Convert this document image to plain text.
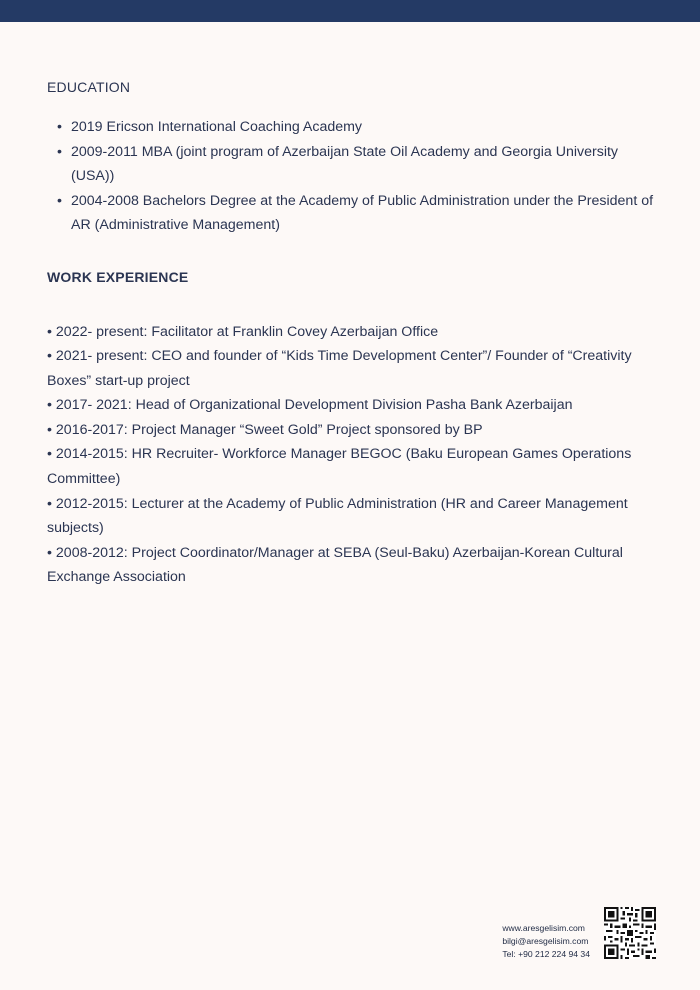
EDUCATION
• 2019 Ericson International Coaching Academy
• 2009-2011 MBA (joint program of Azerbaijan State Oil Academy and Georgia University (USA))
• 2004-2008 Bachelors Degree at the Academy of Public Administration under the President of AR (Administrative Management)
WORK EXPERIENCE
• 2022- present: Facilitator at Franklin Covey Azerbaijan Office
• 2021- present: CEO and founder of “Kids Time Development Center”/ Founder of “Creativity Boxes” start-up project
• 2017- 2021: Head of Organizational Development Division Pasha Bank Azerbaijan
• 2016-2017: Project Manager “Sweet Gold” Project sponsored by BP
• 2014-2015: HR Recruiter- Workforce Manager BEGOC (Baku European Games Operations Committee)
• 2012-2015: Lecturer at the Academy of Public Administration (HR and Career Management subjects)
• 2008-2012: Project Coordinator/Manager at SEBA (Seul-Baku) Azerbaijan-Korean Cultural Exchange Association
www.aresgelisim.com
bilgi@aresgelisim.com
Tel: +90 212 224 94 34
